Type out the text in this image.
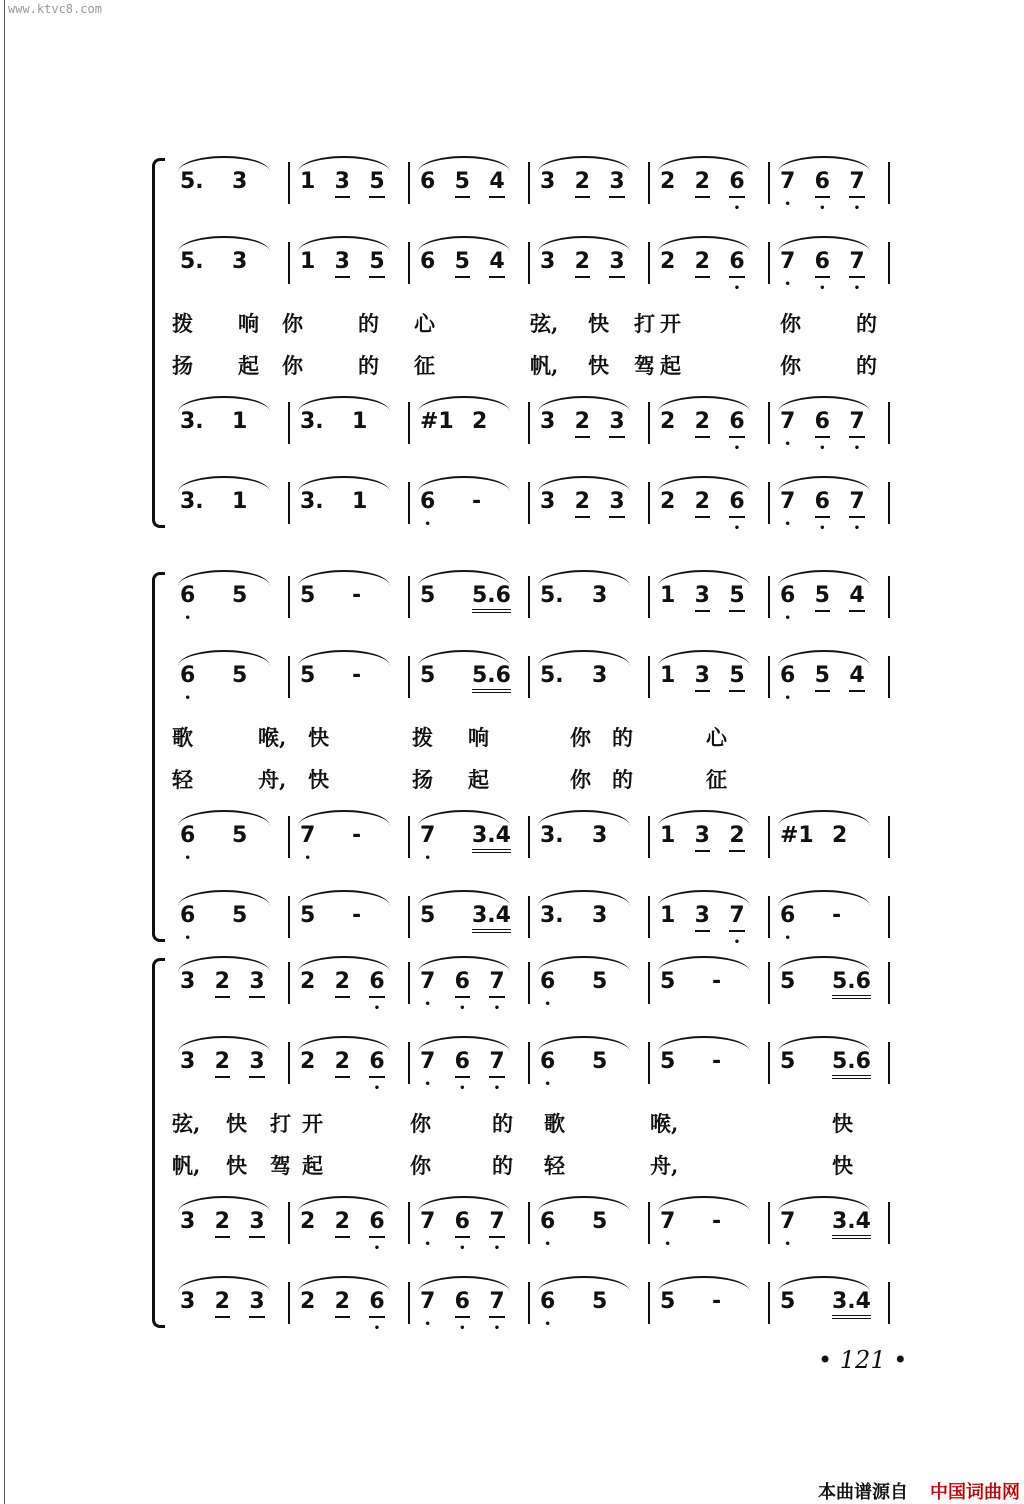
www.ktvc8.com
5. 3 1 3 5 6 5 4 3 2 3 2 2 6 • 7 • 6 • 7 •
5. 3 1 3 5 6 5 4 3 2 3 2 2 6 • 7 • 6 • 7 •
3. 1 3. 1 #1 2 3 2 3 2 2 6 • 7 • 6 • 7 •
3. 1 3. 1 6 • -	3 2 3 2 2 6 • 7 • 6 • 7 •
拨 响 你	的 心	弦, 快 打 开	你	的
扬 起 你	的 征	帆, 快 驾 起	你	的
6 • 5 5 -	5 5.6 5. 3 1 3 5 6 • 5 4
6 • 5 5 -	5 5.6 5. 3 1 3 5 6 • 5 4
6 • 5 7 • -	7 • 3.4 3. 3 1 3 2 #1 2
6 • 5 5 -	5 3.4 3. 3 1 3 7 • 6 • -
歌	喉, 快	拨 响	你 的	心
轻	舟, 快	扬 起	你 的	征
3 2 3 2 2 6 • 7 • 6 • 7 • 6 • 5 5 -	5 5.6
3 2 3 2 2 6 • 7 • 6 • 7 • 6 • 5 5 -	5 5.6
3 2 3 2 2 6 • 7 • 6 • 7 • 6 • 5 7 • -	7 • 3.4
3 2 3 2 2 6 • 7 • 6 • 7 • 6 • 5 5 -	5 3.4
弦, 快 打 开	你	的 歌	喉,	快
帆, 快 驾 起	你	的 轻	舟,	快
• 121 •
本曲谱源自 中国词曲网
